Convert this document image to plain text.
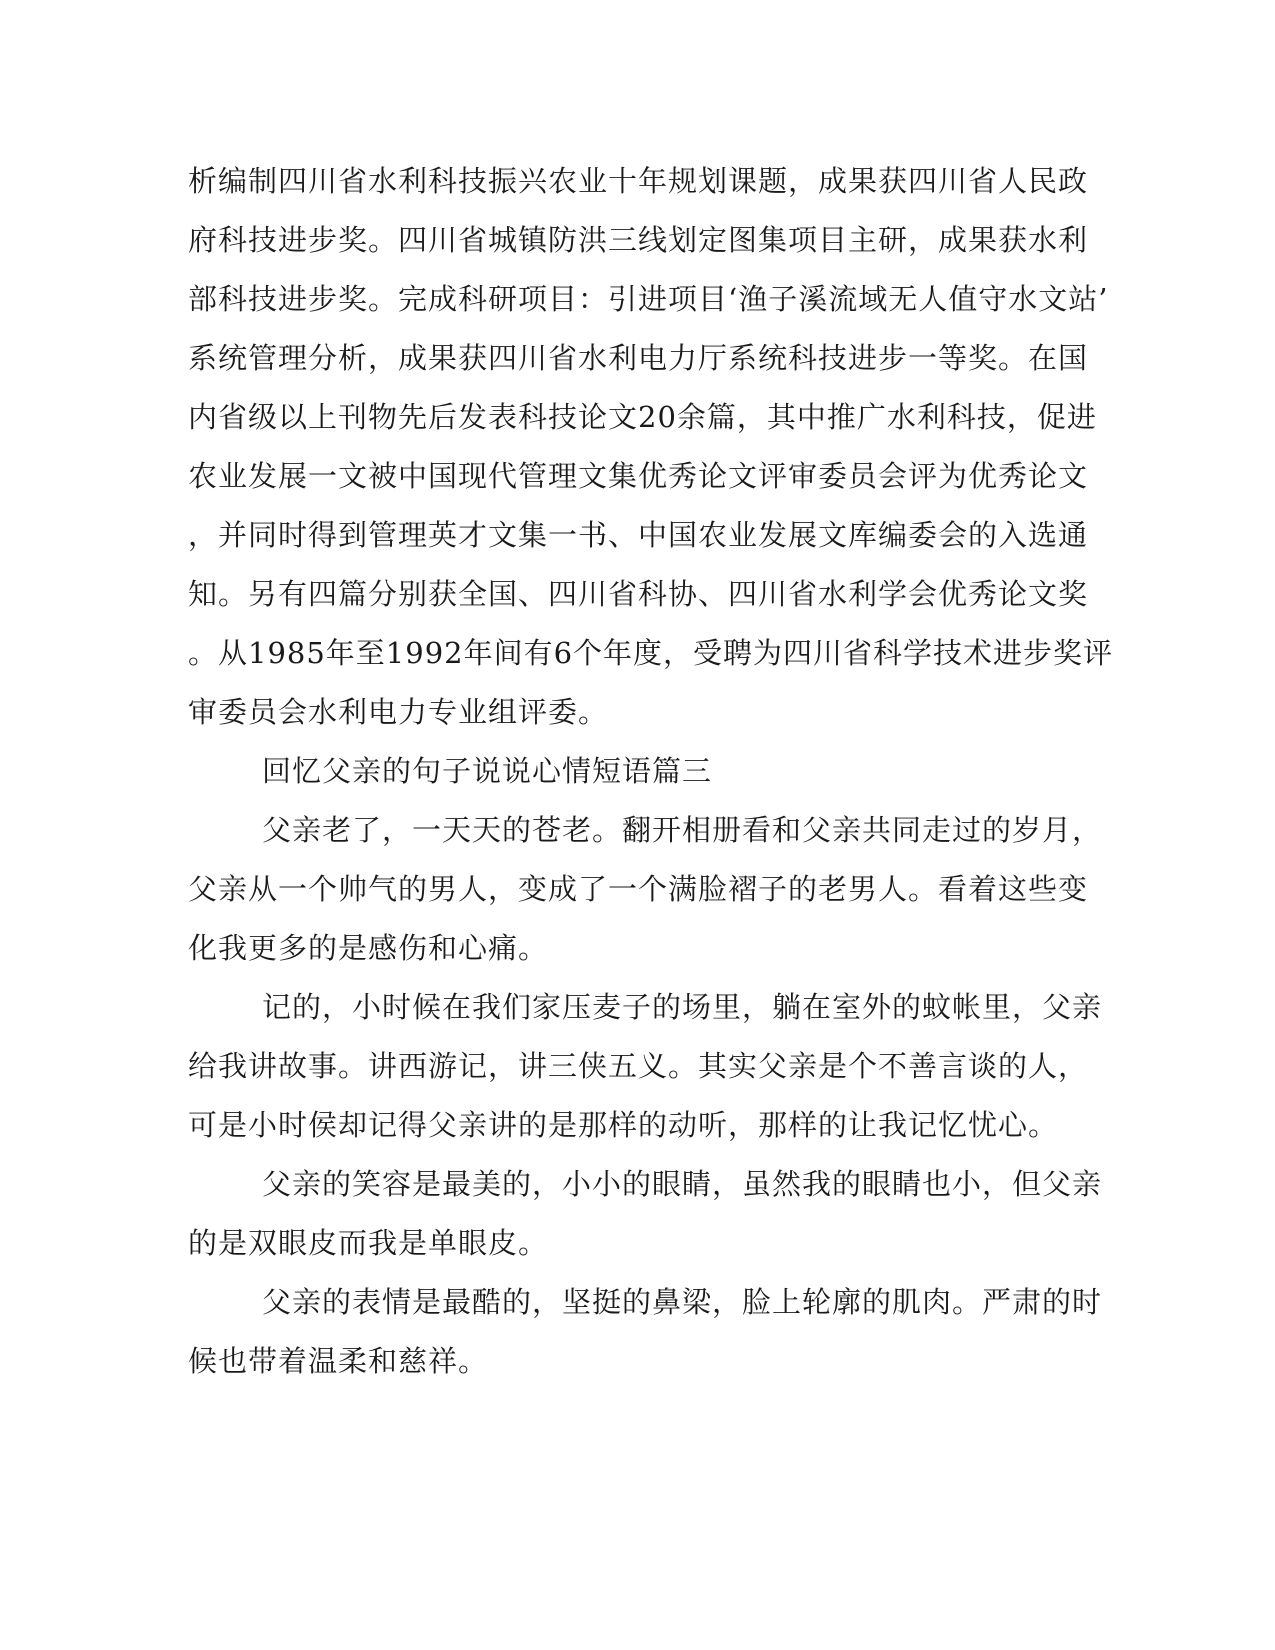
析编制四川省水利科技振兴农业十年规划课题，成果获四川省人民政

府科技进步奖。四川省城镇防洪三线划定图集项目主研，成果获水利

部科技进步奖。完成科研项目：引进项目‘渔子溪流域无人值守水文站’

系统管理分析，成果获四川省水利电力厅系统科技进步一等奖。在国

内省级以上刊物先后发表科技论文20余篇，其中推广水利科技，促进

农业发展一文被中国现代管理文集优秀论文评审委员会评为优秀论文

，并同时得到管理英才文集一书、中国农业发展文库编委会的入选通

知。另有四篇分别获全国、四川省科协、四川省水利学会优秀论文奖

。从1985年至1992年间有6个年度，受聘为四川省科学技术进步奖评

审委员会水利电力专业组评委。

回忆父亲的句子说说心情短语篇三

父亲老了，一天天的苍老。翻开相册看和父亲共同走过的岁月，

父亲从一个帅气的男人，变成了一个满脸褶子的老男人。看着这些变

化我更多的是感伤和心痛。

记的，小时候在我们家压麦子的场里，躺在室外的蚊帐里，父亲

给我讲故事。讲西游记，讲三侠五义。其实父亲是个不善言谈的人，

可是小时侯却记得父亲讲的是那样的动听，那样的让我记忆忧心。

父亲的笑容是最美的，小小的眼睛，虽然我的眼睛也小，但父亲

的是双眼皮而我是单眼皮。

父亲的表情是最酷的，坚挺的鼻梁，脸上轮廓的肌肉。严肃的时

候也带着温柔和慈祥。
